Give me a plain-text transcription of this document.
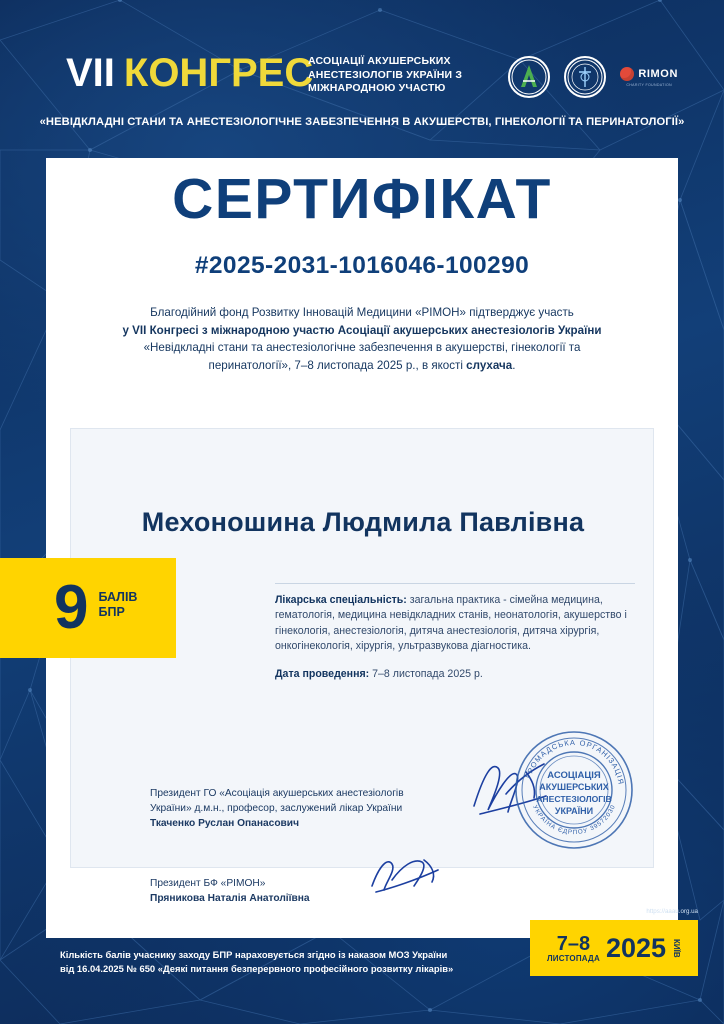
VII КОНГРЕС
АСОЦІАЦІЇ АКУШЕРСЬКИХ АНЕСТЕЗІОЛОГІВ УКРАЇНИ З МІЖНАРОДНОЮ УЧАСТЮ
«НЕВІДКЛАДНІ СТАНИ ТА АНЕСТЕЗІОЛОГІЧНЕ ЗАБЕЗПЕЧЕННЯ В АКУШЕРСТВІ, ГІНЕКОЛОГІЇ ТА ПЕРИНАТОЛОГІЇ»
RIMON
CHARITY FOUNDATION
СЕРТИФІКАТ
#2025-2031-1016046-100290
Благодійний фонд Розвитку Інновацій Медицини «РІМОН» підтверджує участь
у VII Конгресі з міжнародною участю Асоціації акушерських анестезіологів України
«Невідкладні стани та анестезіологічне забезпечення в акушерстві, гінекології та
перинатології», 7–8 листопада 2025 р., в якості слухача.
Мехоношина Людмила Павлівна
Лікарська спеціальність: загальна практика - сімейна медицина, гематологія, медицина невідкладних станів, неонатологія, акушерство і гінекологія, анестезіологія, дитяча анестезіологія, дитяча хірургія, онкогінекологія, хірургія, ультразвукова діагностика.
Дата проведення: 7–8 листопада 2025 р.
9 БАЛІВ
БПР
Президент ГО «Асоціація акушерських анестезіологів
України» д.м.н., професор, заслужений лікар України
Ткаченко Руслан Опанасович
Президент БФ «РІМОН»
Пряникова Наталія Анатоліївна
ГРОМАДСЬКА ОРГАНІЗАЦІЯ
УКРАЇНА ЄДРПОУ 39572030
АСОЦІАЦІЯ
АКУШЕРСЬКИХ
АНЕСТЕЗІОЛОГІВ
УКРАЇНИ
Кількість балів учаснику заходу БПР нараховується згідно із наказом МОЗ України
від 16.04.2025 № 650 «Деякі питання безперервного професійного розвитку лікарів»
https://aaau.org.ua
7–8
ЛИСТОПАДА 2025 КИЇВ
